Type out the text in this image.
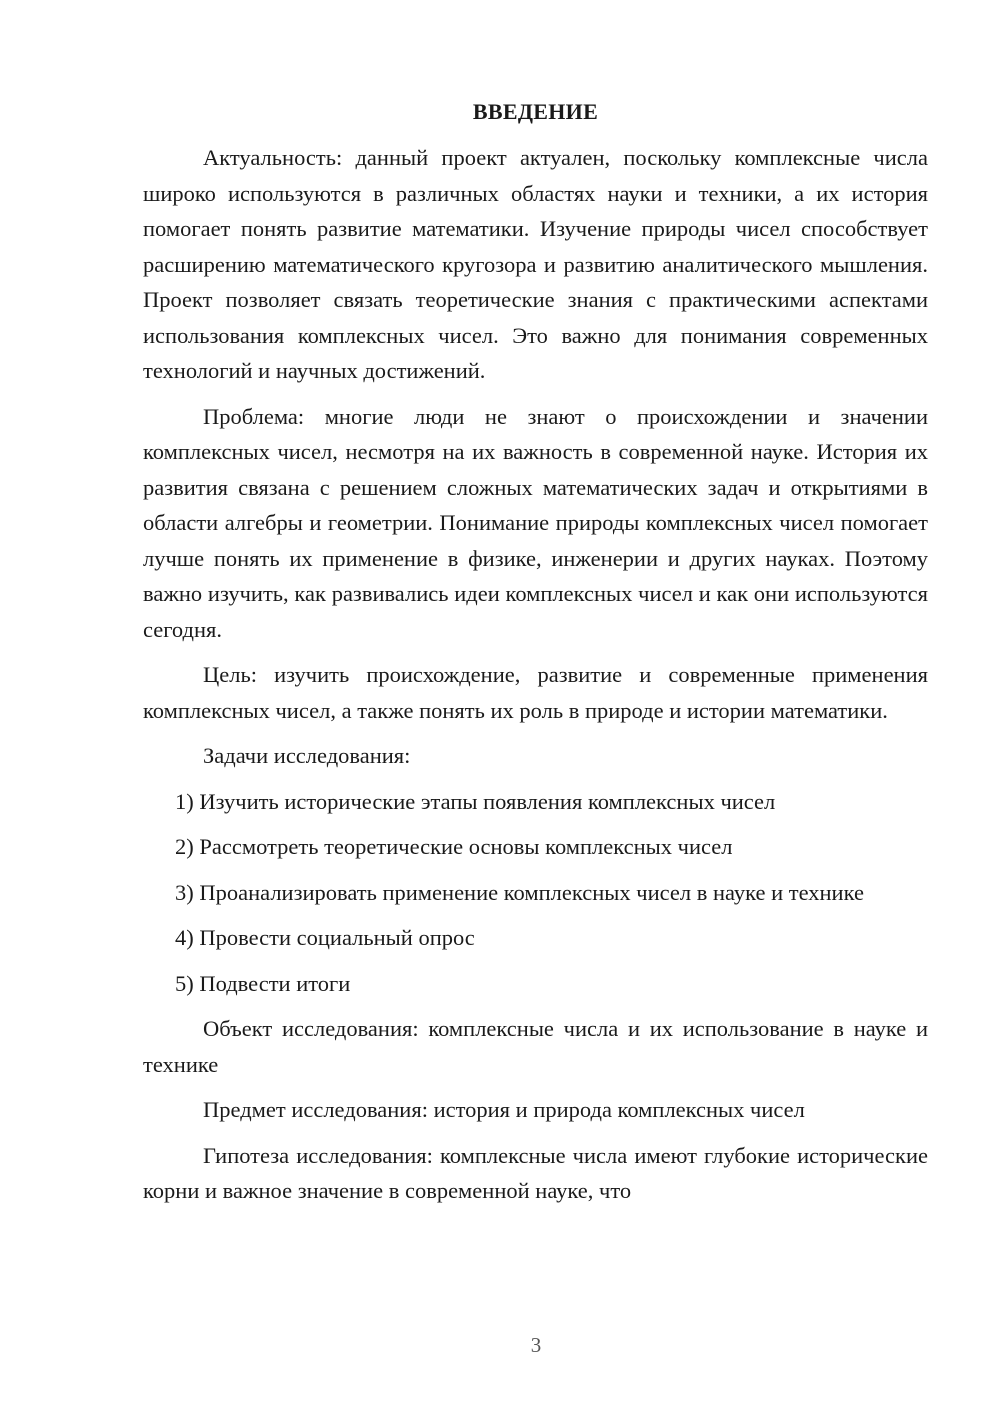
ВВЕДЕНИЕ

Актуальность: данный проект актуален, поскольку комплексные числа широко используются в различных областях науки и техники, а их история помогает понять развитие математики. Изучение природы чисел способствует расширению математического кругозора и развитию аналитического мышления. Проект позволяет связать теоретические знания с практическими аспектами использования комплексных чисел. Это важно для понимания современных технологий и научных достижений.

Проблема: многие люди не знают о происхождении и значении комплексных чисел, несмотря на их важность в современной науке. История их развития связана с решением сложных математических задач и открытиями в области алгебры и геометрии. Понимание природы комплексных чисел помогает лучше понять их применение в физике, инженерии и других науках. Поэтому важно изучить, как развивались идеи комплексных чисел и как они используются сегодня.

Цель: изучить происхождение, развитие и современные применения комплексных чисел, а также понять их роль в природе и истории математики.

Задачи исследования:

1) Изучить исторические этапы появления комплексных чисел

2) Рассмотреть теоретические основы комплексных чисел

3) Проанализировать применение комплексных чисел в науке и технике

4) Провести социальный опрос

5) Подвести итоги

Объект исследования: комплексные числа и их использование в науке и технике

Предмет исследования: история и природа комплексных чисел

Гипотеза исследования: комплексные числа имеют глубокие исторические корни и важное значение в современной науке, что

3
